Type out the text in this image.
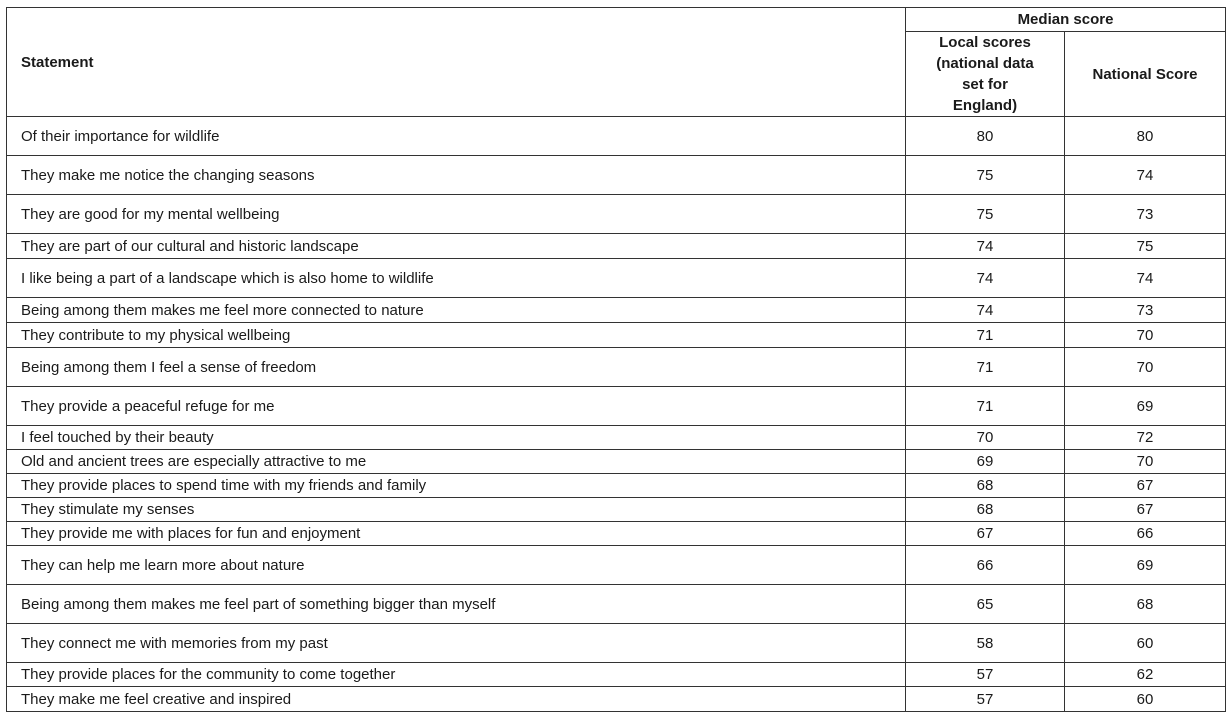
Statement	Median score	

	Local scores (national data set for England)	National Score
Of their importance for wildlife	80	80
They make me notice the changing seasons	75	74
They are good for my mental wellbeing	75	73
They are part of our cultural and historic landscape	74	75
I like being a part of a landscape which is also home to wildlife	74	74
Being among them makes me feel more connected to nature	74	73
They contribute to my physical wellbeing	71	70
Being among them I feel a sense of freedom	71	70
They provide a peaceful refuge for me	71	69
I feel touched by their beauty	70	72
Old and ancient trees are especially attractive to me	69	70
They provide places to spend time with my friends and family	68	67
They stimulate my senses	68	67
They provide me with places for fun and enjoyment	67	66
They can help me learn more about nature	66	69
Being among them makes me feel part of something bigger than myself	65	68
They connect me with memories from my past	58	60
They provide places for the community to come together	57	62
They make me feel creative and inspired	57	60
